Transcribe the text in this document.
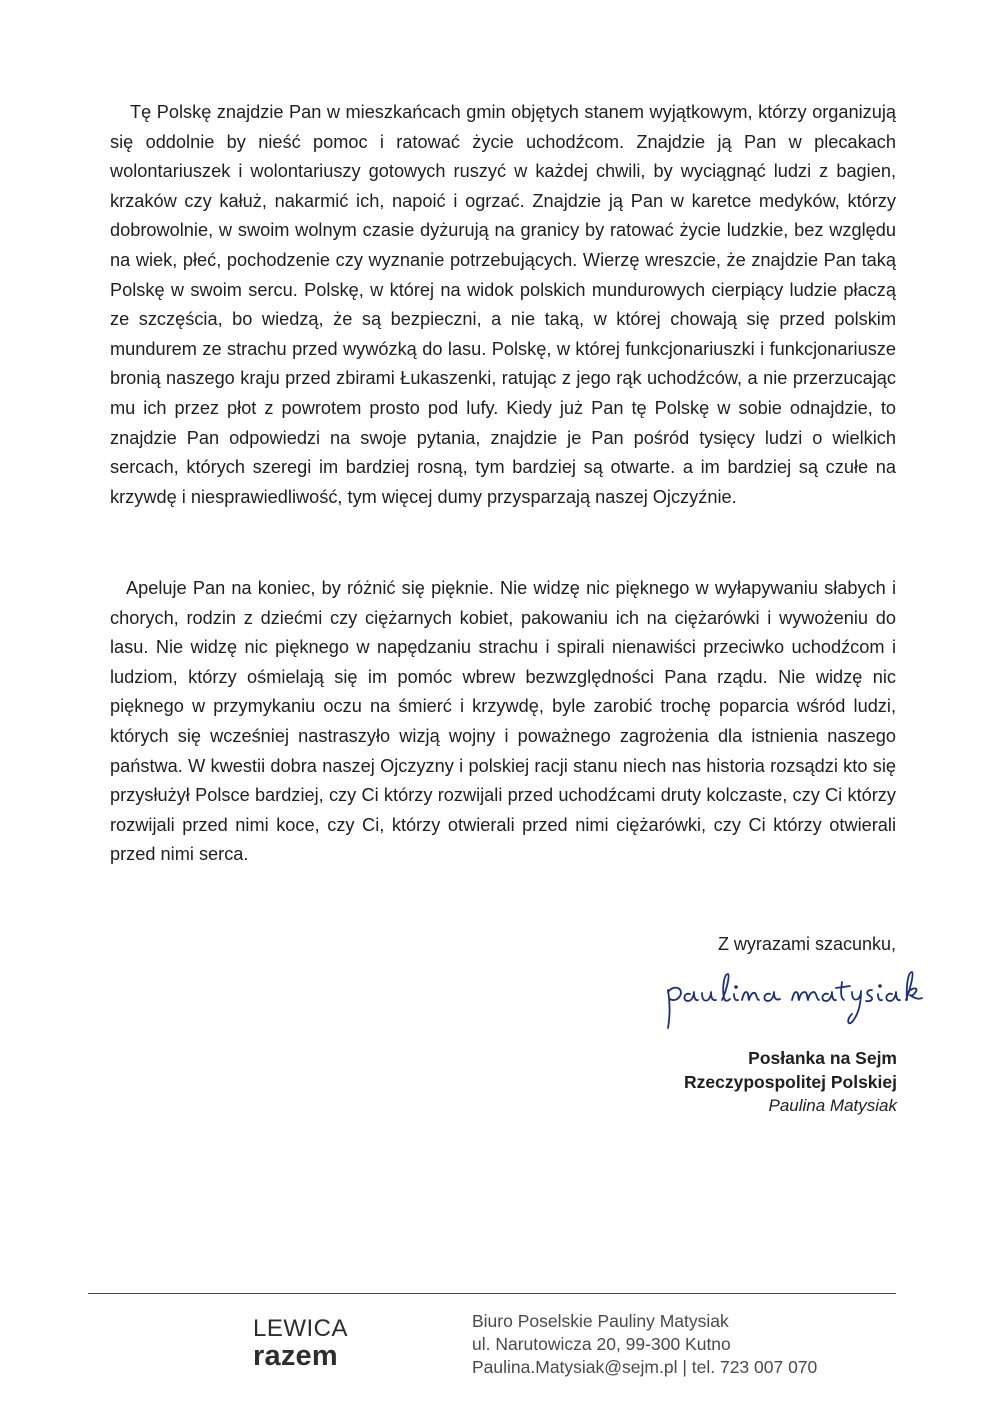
Tę Polskę znajdzie Pan w mieszkańcach gmin objętych stanem wyjątkowym, którzy organizują się oddolnie by nieść pomoc i ratować życie uchodźcom. Znajdzie ją Pan w plecakach wolontariuszek i wolontariuszy gotowych ruszyć w każdej chwili, by wyciągnąć ludzi z bagien, krzaków czy kałuż, nakarmić ich, napoić i ogrzać. Znajdzie ją Pan w karetce medyków, którzy dobrowolnie, w swoim wolnym czasie dyżurują na granicy by ratować życie ludzkie, bez względu na wiek, płeć, pochodzenie czy wyznanie potrzebujących. Wierzę wreszcie, że znajdzie Pan taką Polskę w swoim sercu. Polskę, w której na widok polskich mundurowych cierpiący ludzie płaczą ze szczęścia, bo wiedzą, że są bezpieczni, a nie taką, w której chowają się przed polskim mundurem ze strachu przed wywózką do lasu. Polskę, w której funkcjonariuszki i funkcjonariusze bronią naszego kraju przed zbirami Łukaszenki, ratując z jego rąk uchodźców, a nie przerzucając mu ich przez płot z powrotem prosto pod lufy. Kiedy już Pan tę Polskę w sobie odnajdzie, to znajdzie Pan odpowiedzi na swoje pytania, znajdzie je Pan pośród tysięcy ludzi o wielkich sercach, których szeregi im bardziej rosną, tym bardziej są otwarte. a im bardziej są czułe na krzywdę i niesprawiedliwość, tym więcej dumy przysparzają naszej Ojczyźnie.

Apeluje Pan na koniec, by różnić się pięknie. Nie widzę nic pięknego w wyłapywaniu słabych i chorych, rodzin z dziećmi czy ciężarnych kobiet, pakowaniu ich na ciężarówki i wywożeniu do lasu. Nie widzę nic pięknego w napędzaniu strachu i spirali nienawiści przeciwko uchodźcom i ludziom, którzy ośmielają się im pomóc wbrew bezwzględności Pana rządu. Nie widzę nic pięknego w przymykaniu oczu na śmierć i krzywdę, byle zarobić trochę poparcia wśród ludzi, których się wcześniej nastraszyło wizją wojny i poważnego zagrożenia dla istnienia naszego państwa. W kwestii dobra naszej Ojczyzny i polskiej racji stanu niech nas historia rozsądzi kto się przysłużył Polsce bardziej, czy Ci którzy rozwijali przed uchodźcami druty kolczaste, czy Ci którzy rozwijali przed nimi koce, czy Ci, którzy otwierali przed nimi ciężarówki, czy Ci którzy otwierali przed nimi serca.

Z wyrazami szacunku,
Posłanka na Sejm
Rzeczypospolitej Polskiej
Paulina Matysiak
LEWICA
razem
Biuro Poselskie Pauliny Matysiak
ul. Narutowicza 20, 99-300 Kutno
Paulina.Matysiak@sejm.pl | tel. 723 007 070
